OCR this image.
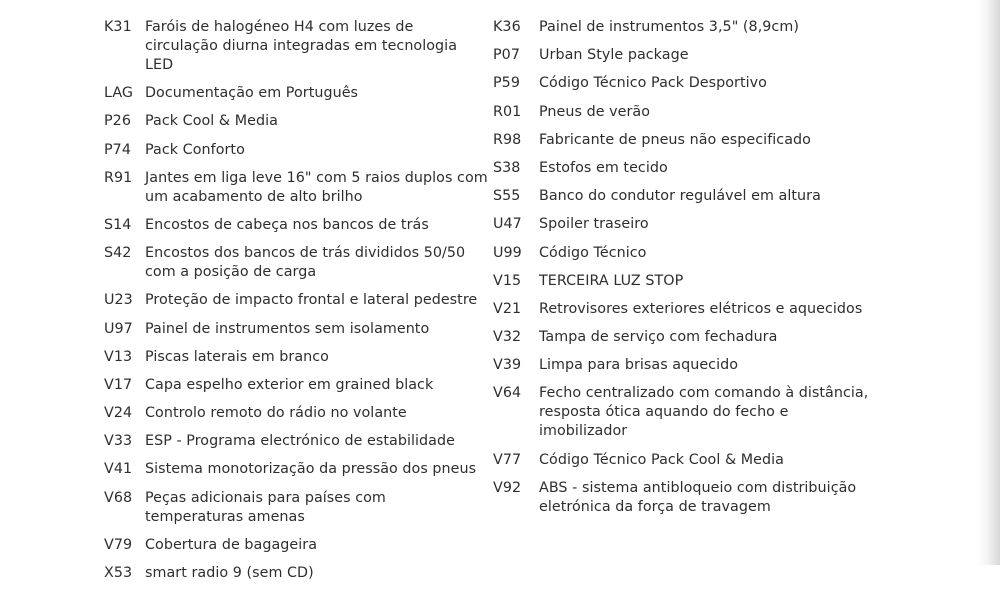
K31 Faróis de halogéneo H4 com luzes de circulação diurna integradas em tecnologia LED
LAG Documentação em Português
P26 Pack Cool & Media
P74 Pack Conforto
R91 Jantes em liga leve 16" com 5 raios duplos com um acabamento de alto brilho
S14 Encostos de cabeça nos bancos de trás
S42 Encostos dos bancos de trás divididos 50/50 com a posição de carga
U23 Proteção de impacto frontal e lateral pedestre
U97 Painel de instrumentos sem isolamento
V13 Piscas laterais em branco
V17 Capa espelho exterior em grained black
V24 Controlo remoto do rádio no volante
V33 ESP - Programa electrónico de estabilidade
V41 Sistema monotorização da pressão dos pneus
V68 Peças adicionais para países com temperaturas amenas
V79 Cobertura de bagageira
X53 smart radio 9 (sem CD)
K36	Painel de instrumentos 3,5" (8,9cm)
P07	Urban Style package
P59	Código Técnico Pack Desportivo
R01	Pneus de verão
R98	Fabricante de pneus não especificado
S38	Estofos em tecido
S55	Banco do condutor regulável em altura
U47	Spoiler traseiro
U99	Código Técnico
V15	TERCEIRA LUZ STOP
V21	Retrovisores exteriores elétricos e aquecidos
V32	Tampa de serviço com fechadura
V39	Limpa para brisas aquecido
V64	Fecho centralizado com comando à distância, resposta ótica aquando do fecho e imobilizador
V77	Código Técnico Pack Cool & Media
V92	ABS - sistema antibloqueio com distribuição eletrónica da força de travagem
